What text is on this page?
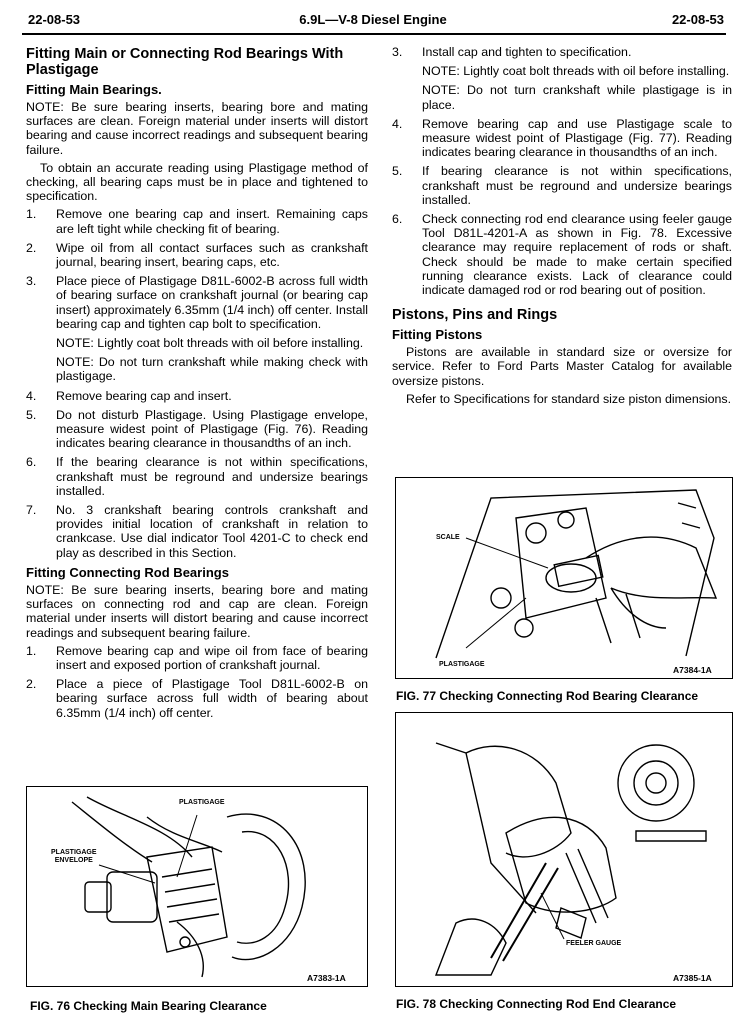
6.9L—V-8 Diesel Engine
22-08-53	22-08-53
Fitting Main or Connecting Rod Bearings With Plastigage
Fitting Main Bearings.

NOTE: Be sure bearing inserts, bearing bore and mating surfaces are clean. Foreign material under inserts will distort bearing and cause incorrect readings and subsequent bearing failure.

To obtain an accurate reading using Plastigage method of checking, all bearing caps must be in place and tightened to specification.

1.	Remove one bearing cap and insert. Remaining caps are left tight while checking fit of bearing.
2.	Wipe oil from all contact surfaces such as crankshaft journal, bearing insert, bearing caps, etc.
3.	Place piece of Plastigage D81L-6002-B across full width of bearing surface on crankshaft journal (or bearing cap insert) approximately 6.35mm (1/4 inch) off center. Install bearing cap and tighten cap bolt to specification.

NOTE: Lightly coat bolt threads with oil before installing.

NOTE: Do not turn crankshaft while making check with plastigage.

4.	Remove bearing cap and insert.
5.	Do not disturb Plastigage. Using Plastigage envelope, measure widest point of Plastigage (Fig. 76). Reading indicates bearing clearance in thousandths of an inch.
6.	If the bearing clearance is not within specifications, crankshaft must be reground and undersize bearings installed.
7.	No. 3 crankshaft bearing controls crankshaft and provides initial location of crankshaft in relation to crankcase. Use dial indicator Tool 4201-C to check end play as described in this Section.
Fitting Connecting Rod Bearings

NOTE: Be sure bearing inserts, bearing bore and mating surfaces on connecting rod and cap are clean. Foreign material under inserts will distort bearing and cause incorrect readings and subsequent bearing failure.

1.	Remove bearing cap and wipe oil from face of bearing insert and exposed portion of crankshaft journal.
2.	Place a piece of Plastigage Tool D81L-6002-B on bearing surface across full width of bearing about 6.35mm (1/4 inch) off center.
3.	Install cap and tighten to specification.

NOTE: Lightly coat bolt threads with oil before installing.

NOTE: Do not turn crankshaft while plastigage is in place.

4.	Remove bearing cap and use Plastigage scale to measure widest point of Plastigage (Fig. 77). Reading indicates bearing clearance in thousandths of an inch.
5.	If bearing clearance is not within specifications, crankshaft must be reground and undersize bearings installed.
6.	Check connecting rod end clearance using feeler gauge Tool D81L-4201-A as shown in Fig. 78. Excessive clearance may require replacement of rods or shaft. Check should be made to make certain specified running clearance exists. Lack of clearance could indicate damaged rod or rod bearing out of position.
Pistons, Pins and Rings
Fitting Pistons

Pistons are available in standard size or oversize for service. Refer to Ford Parts Master Catalog for available oversize pistons.

Refer to Specifications for standard size piston dimensions.

SCALE
PLASTIGAGE
A7384-1A
FIG. 77 Checking Connecting Rod Bearing Clearance
FEELER GAUGE
A7385-1A
FIG. 78 Checking Connecting Rod End Clearance
PLASTIGAGE
PLASTIGAGE
ENVELOPE
A7383-1A
FIG. 76 Checking Main Bearing Clearance
